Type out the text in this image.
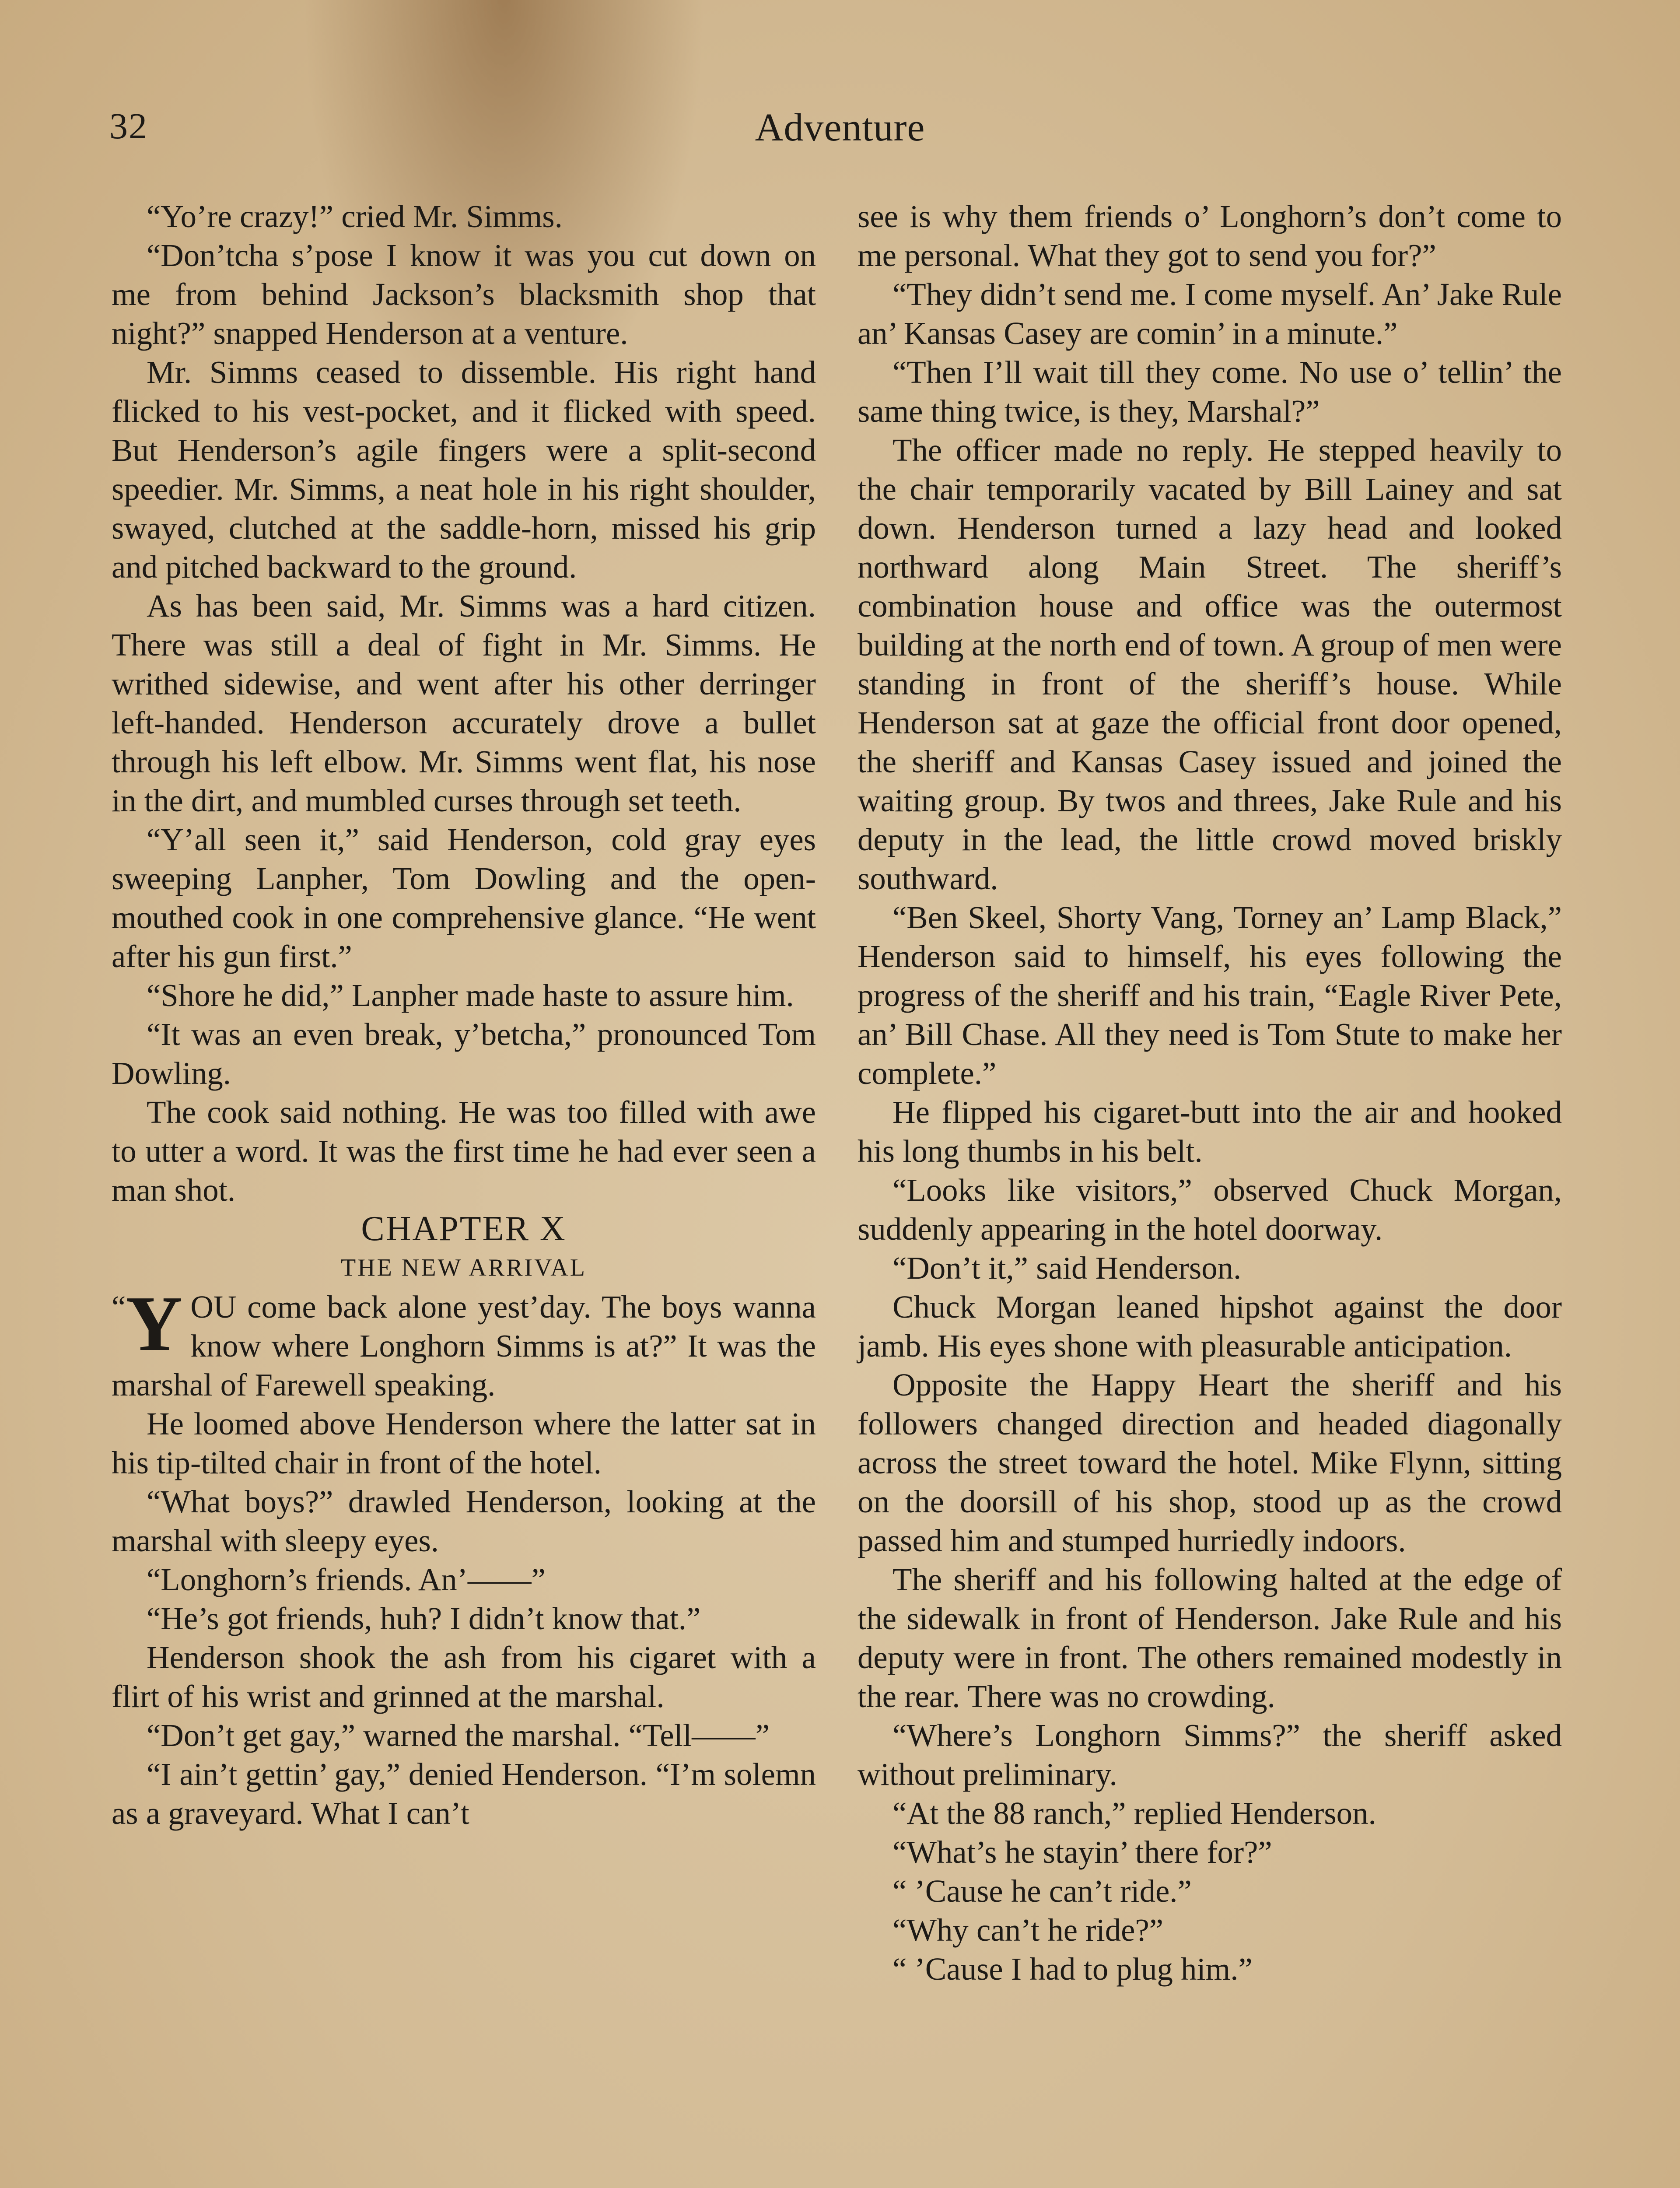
32	Adventure

“Yo’re crazy!” cried Mr. Simms.

“Don’tcha s’pose I know it was you cut down on me from behind Jackson’s blacksmith shop that night?” snapped Henderson at a venture.

Mr. Simms ceased to dissemble. His right hand flicked to his vest-pocket, and it flicked with speed. But Henderson’s agile fingers were a split-second speedier. Mr. Simms, a neat hole in his right shoulder, swayed, clutched at the saddle-horn, missed his grip and pitched backward to the ground.

As has been said, Mr. Simms was a hard citizen. There was still a deal of fight in Mr. Simms. He writhed sidewise, and went after his other derringer left-handed. Henderson accurately drove a bullet through his left elbow. Mr. Simms went flat, his nose in the dirt, and mumbled curses through set teeth.

“Y’all seen it,” said Henderson, cold gray eyes sweeping Lanpher, Tom Dowling and the open-mouthed cook in one comprehensive glance. “He went after his gun first.”

“Shore he did,” Lanpher made haste to assure him.

“It was an even break, y’betcha,” pronounced Tom Dowling.

The cook said nothing. He was too filled with awe to utter a word. It was the first time he had ever seen a man shot.

CHAPTER X

THE NEW ARRIVAL

“ Y OU come back alone yest’day. The boys wanna know where Longhorn Simms is at?” It was the marshal of Farewell speaking.

He loomed above Henderson where the latter sat in his tip-tilted chair in front of the hotel.

“What boys?” drawled Henderson, looking at the marshal with sleepy eyes.

“Longhorn’s friends. An’——”

“He’s got friends, huh? I didn’t know that.”

Henderson shook the ash from his cigaret with a flirt of his wrist and grinned at the marshal.

“Don’t get gay,” warned the marshal. “Tell——”

“I ain’t gettin’ gay,” denied Henderson. “I’m solemn as a graveyard. What I can’t

see is why them friends o’ Longhorn’s don’t come to me personal. What they got to send you for?”

“They didn’t send me. I come myself. An’ Jake Rule an’ Kansas Casey are comin’ in a minute.”

“Then I’ll wait till they come. No use o’ tellin’ the same thing twice, is they, Marshal?”

The officer made no reply. He stepped heavily to the chair temporarily vacated by Bill Lainey and sat down. Henderson turned a lazy head and looked northward along Main Street. The sheriff’s combination house and office was the outermost building at the north end of town. A group of men were standing in front of the sheriff’s house. While Henderson sat at gaze the official front door opened, the sheriff and Kansas Casey issued and joined the waiting group. By twos and threes, Jake Rule and his deputy in the lead, the little crowd moved briskly southward.

“Ben Skeel, Shorty Vang, Torney an’ Lamp Black,” Henderson said to himself, his eyes following the progress of the sheriff and his train, “Eagle River Pete, an’ Bill Chase. All they need is Tom Stute to make her complete.”

He flipped his cigaret-butt into the air and hooked his long thumbs in his belt.

“Looks like visitors,” observed Chuck Morgan, suddenly appearing in the hotel doorway.

“Don’t it,” said Henderson.

Chuck Morgan leaned hipshot against the door jamb. His eyes shone with pleasurable anticipation.

Opposite the Happy Heart the sheriff and his followers changed direction and headed diagonally across the street toward the hotel. Mike Flynn, sitting on the doorsill of his shop, stood up as the crowd passed him and stumped hurriedly indoors.

The sheriff and his following halted at the edge of the sidewalk in front of Henderson. Jake Rule and his deputy were in front. The others remained modestly in the rear. There was no crowding.

“Where’s Longhorn Simms?” the sheriff asked without preliminary.

“At the 88 ranch,” replied Henderson.

“What’s he stayin’ there for?”

“ ’Cause he can’t ride.”

“Why can’t he ride?”

“ ’Cause I had to plug him.”
